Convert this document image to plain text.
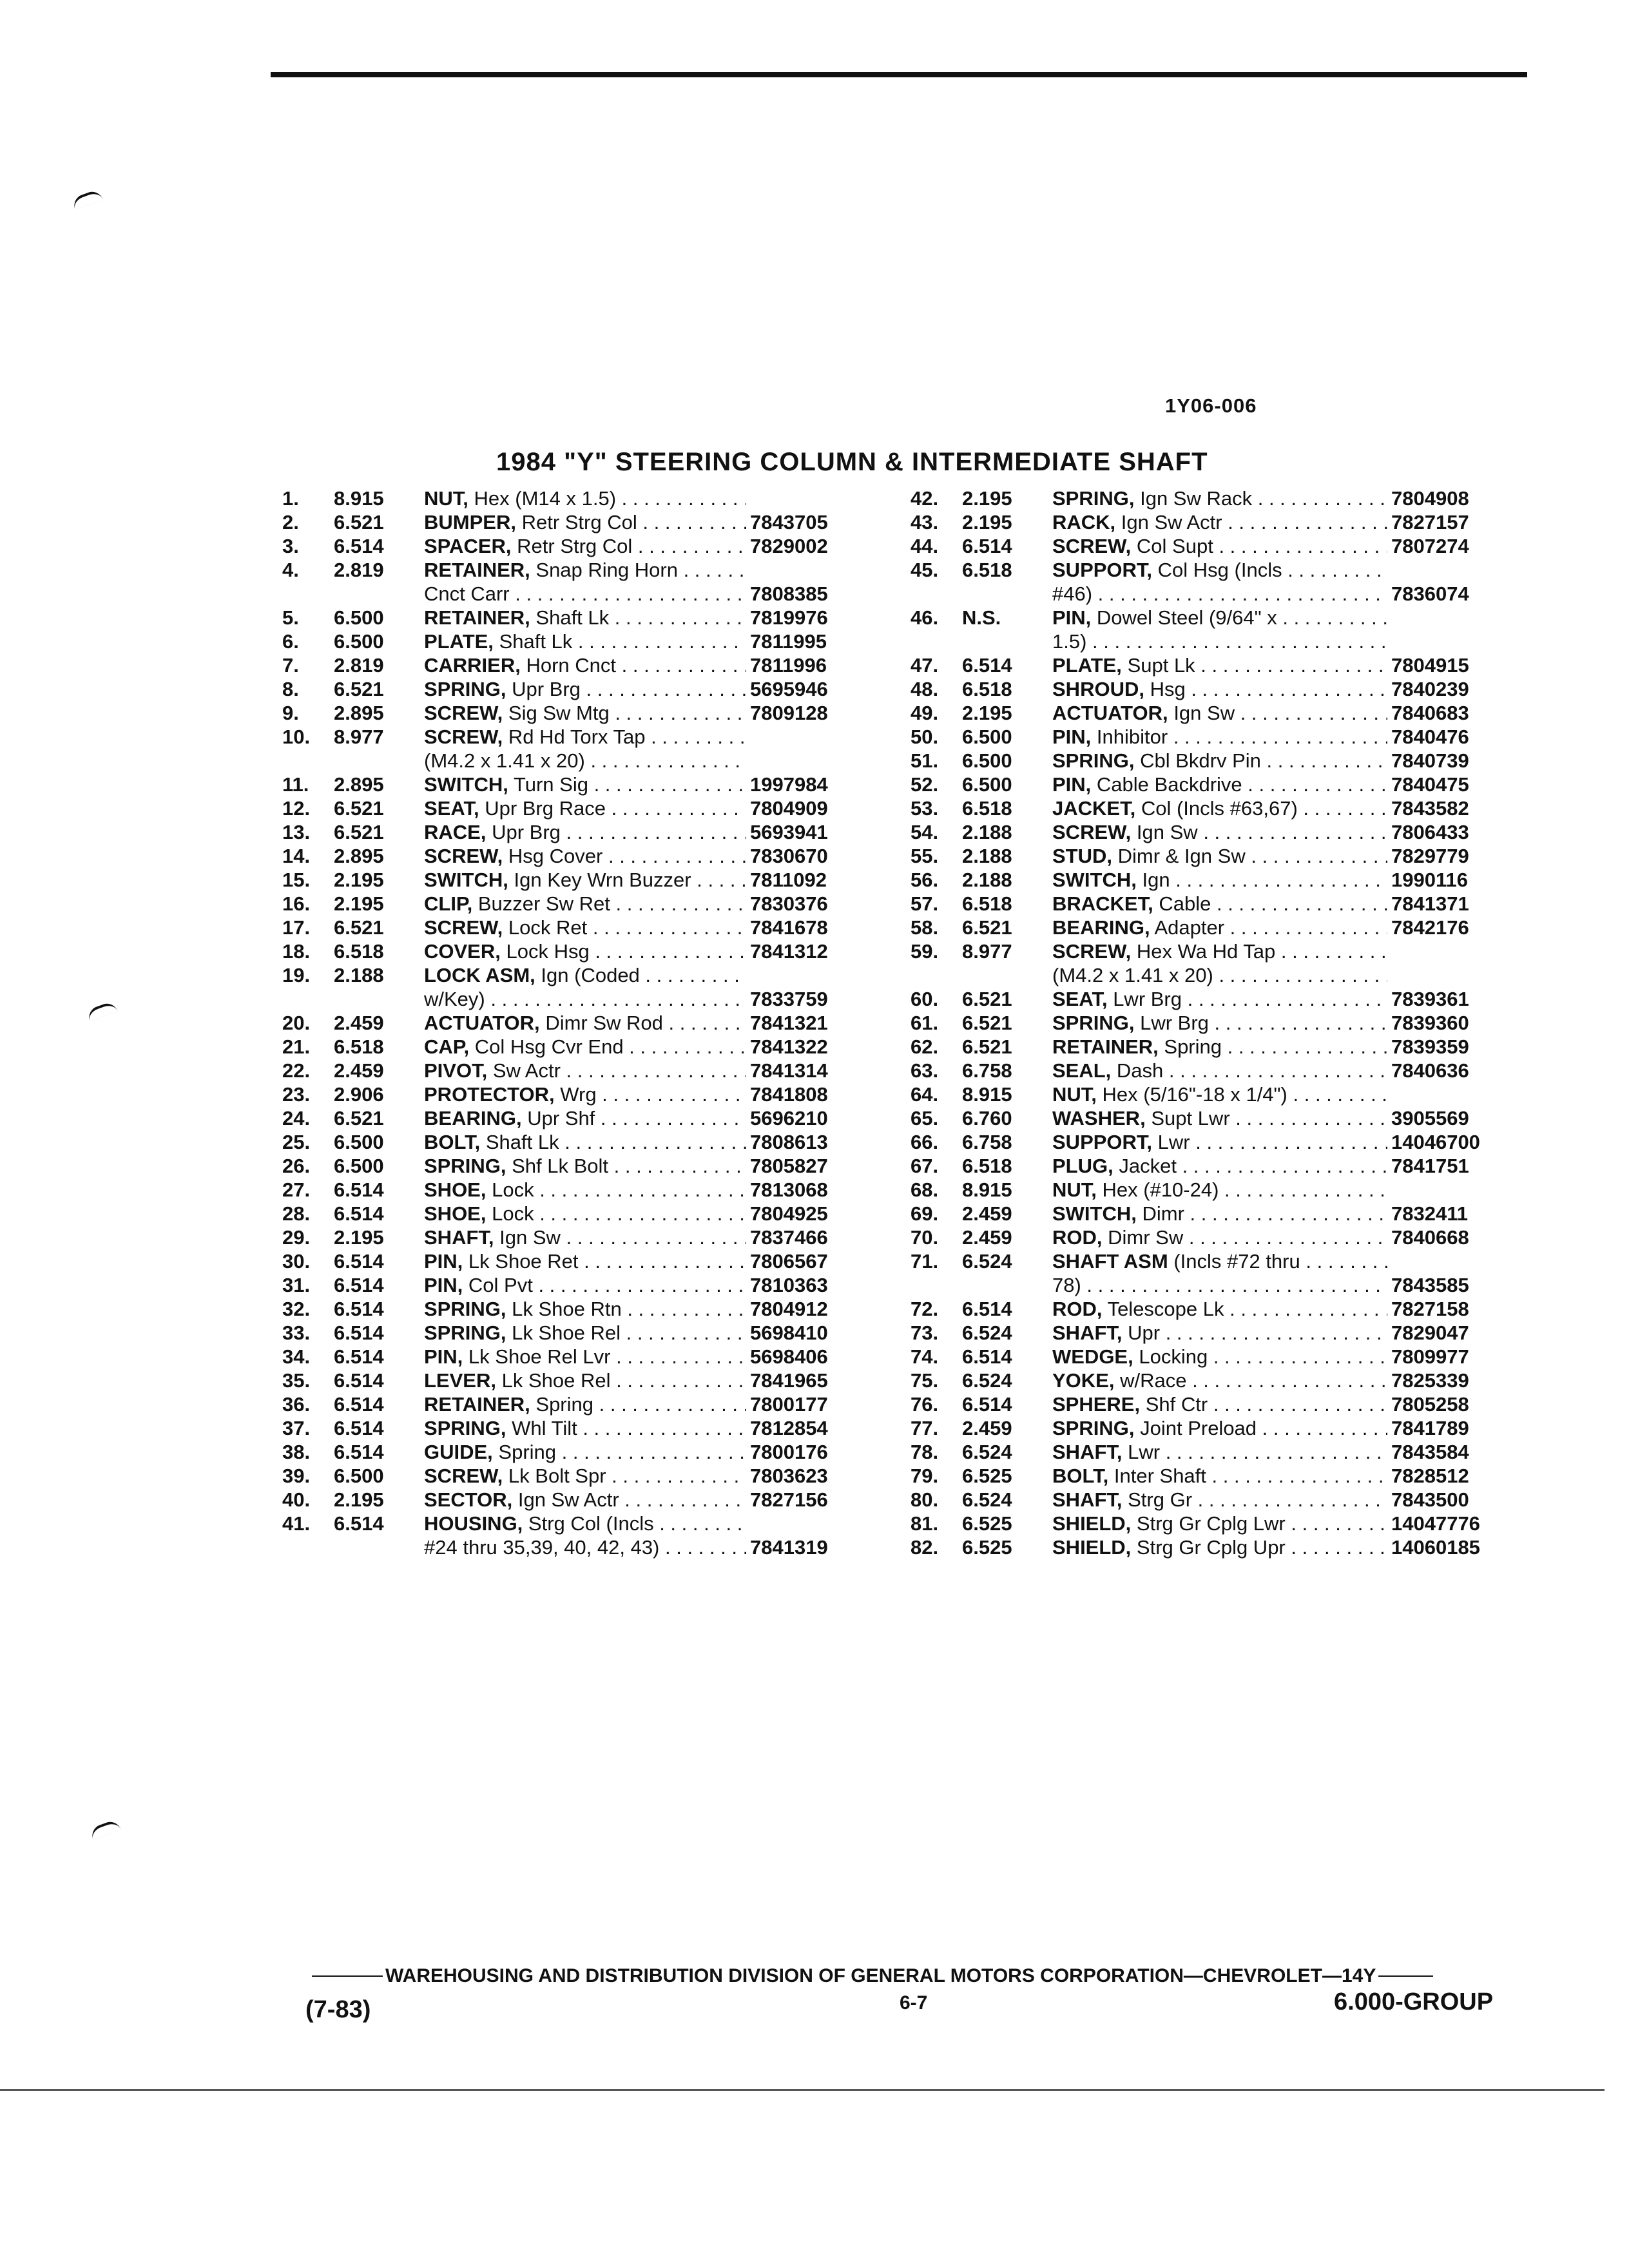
1Y06-006
1984 "Y" STEERING COLUMN & INTERMEDIATE SHAFT
1.	8.915	NUT, Hex (M14 x 1.5) . . .
2.	6.521	BUMPER, Retr Strg Col . . .	7843705
3.	6.514	SPACER, Retr Strg Col . . .	7829002
4.	2.819	RETAINER, Snap Ring Horn . . .
Cnct Carr . . .	7808385
5.	6.500	RETAINER, Shaft Lk . . .	7819976
6.	6.500	PLATE, Shaft Lk . . .	7811995
7.	2.819	CARRIER, Horn Cnct . . .	7811996
8.	6.521	SPRING, Upr Brg . . .	5695946
9.	2.895	SCREW, Sig Sw Mtg . . .	7809128
10.	8.977	SCREW, Rd Hd Torx Tap . . .
(M4.2 x 1.41 x 20) . . .
11.	2.895	SWITCH, Turn Sig . . .	1997984
12.	6.521	SEAT, Upr Brg Race . . .	7804909
13.	6.521	RACE, Upr Brg . . .	5693941
14.	2.895	SCREW, Hsg Cover . . .	7830670
15.	2.195	SWITCH, Ign Key Wrn Buzzer . . .	7811092
16.	2.195	CLIP, Buzzer Sw Ret . . .	7830376
17.	6.521	SCREW, Lock Ret . . .	7841678
18.	6.518	COVER, Lock Hsg . . .	7841312
19.	2.188	LOCK ASM, Ign (Coded . . .
w/Key) . . .	7833759
20.	2.459	ACTUATOR, Dimr Sw Rod . . .	7841321
21.	6.518	CAP, Col Hsg Cvr End . . .	7841322
22.	2.459	PIVOT, Sw Actr . . .	7841314
23.	2.906	PROTECTOR, Wrg . . .	7841808
24.	6.521	BEARING, Upr Shf . . .	5696210
25.	6.500	BOLT, Shaft Lk . . .	7808613
26.	6.500	SPRING, Shf Lk Bolt . . .	7805827
27.	6.514	SHOE, Lock . . .	7813068
28.	6.514	SHOE, Lock . . .	7804925
29.	2.195	SHAFT, Ign Sw . . .	7837466
30.	6.514	PIN, Lk Shoe Ret . . .	7806567
31.	6.514	PIN, Col Pvt . . .	7810363
32.	6.514	SPRING, Lk Shoe Rtn . . .	7804912
33.	6.514	SPRING, Lk Shoe Rel . . .	5698410
34.	6.514	PIN, Lk Shoe Rel Lvr . . .	5698406
35.	6.514	LEVER, Lk Shoe Rel . . .	7841965
36.	6.514	RETAINER, Spring . . .	7800177
37.	6.514	SPRING, Whl Tilt . . .	7812854
38.	6.514	GUIDE, Spring . . .	7800176
39.	6.500	SCREW, Lk Bolt Spr . . .	7803623
40.	2.195	SECTOR, Ign Sw Actr . . .	7827156
41.	6.514	HOUSING, Strg Col (Incls . . .
#24 thru 35,39, 40, 42, 43) . . .	7841319
42.	2.195	SPRING, Ign Sw Rack . . .	7804908
43.	2.195	RACK, Ign Sw Actr . . .	7827157
44.	6.514	SCREW, Col Supt . . .	7807274
45.	6.518	SUPPORT, Col Hsg (Incls . . .
#46) . . .	7836074
46.	N.S.	PIN, Dowel Steel (9/64" x . . .
1.5) . . .
47.	6.514	PLATE, Supt Lk . . .	7804915
48.	6.518	SHROUD, Hsg . . .	7840239
49.	2.195	ACTUATOR, Ign Sw . . .	7840683
50.	6.500	PIN, Inhibitor . . .	7840476
51.	6.500	SPRING, Cbl Bkdrv Pin . . .	7840739
52.	6.500	PIN, Cable Backdrive . . .	7840475
53.	6.518	JACKET, Col (Incls #63,67) . . .	7843582
54.	2.188	SCREW, Ign Sw . . .	7806433
55.	2.188	STUD, Dimr & Ign Sw . . .	7829779
56.	2.188	SWITCH, Ign . . .	1990116
57.	6.518	BRACKET, Cable . . .	7841371
58.	6.521	BEARING, Adapter . . .	7842176
59.	8.977	SCREW, Hex Wa Hd Tap . . .
(M4.2 x 1.41 x 20) . . .
60.	6.521	SEAT, Lwr Brg . . .	7839361
61.	6.521	SPRING, Lwr Brg . . .	7839360
62.	6.521	RETAINER, Spring . . .	7839359
63.	6.758	SEAL, Dash . . .	7840636
64.	8.915	NUT, Hex (5/16"-18 x 1/4") . . .
65.	6.760	WASHER, Supt Lwr . . .	3905569
66.	6.758	SUPPORT, Lwr . . .	14046700
67.	6.518	PLUG, Jacket . . .	7841751
68.	8.915	NUT, Hex (#10-24) . . .
69.	2.459	SWITCH, Dimr . . .	7832411
70.	2.459	ROD, Dimr Sw . . .	7840668
71.	6.524	SHAFT ASM (Incls #72 thru . . .
78) . . .	7843585
72.	6.514	ROD, Telescope Lk . . .	7827158
73.	6.524	SHAFT, Upr . . .	7829047
74.	6.514	WEDGE, Locking . . .	7809977
75.	6.524	YOKE, w/Race . . .	7825339
76.	6.514	SPHERE, Shf Ctr . . .	7805258
77.	2.459	SPRING, Joint Preload . . .	7841789
78.	6.524	SHAFT, Lwr . . .	7843584
79.	6.525	BOLT, Inter Shaft . . .	7828512
80.	6.524	SHAFT, Strg Gr . . .	7843500
81.	6.525	SHIELD, Strg Gr Cplg Lwr . . .	14047776
82.	6.525	SHIELD, Strg Gr Cplg Upr . . .	14060185
WAREHOUSING AND DISTRIBUTION DIVISION OF GENERAL MOTORS CORPORATION—CHEVROLET—14Y
(7-83)	6-7	6.000-GROUP
